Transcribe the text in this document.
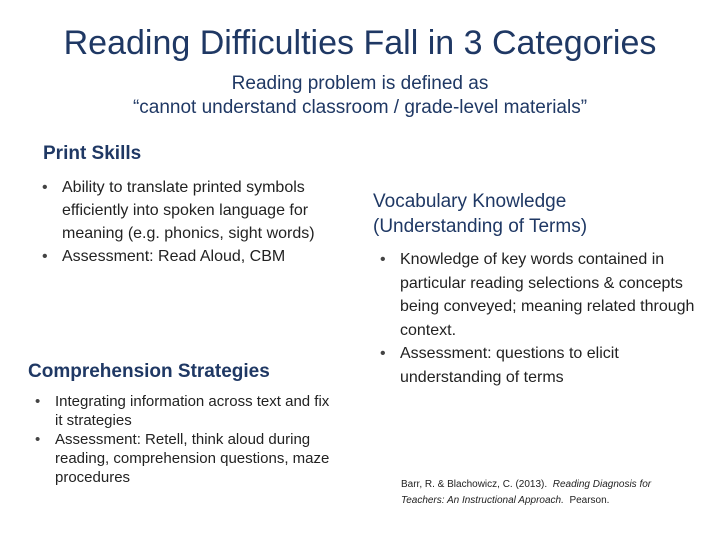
Reading Difficulties Fall in 3 Categories
Reading problem is defined as
“cannot understand classroom / grade-level materials”
Print Skills
• Ability to translate printed symbols efficiently into spoken language for meaning (e.g. phonics, sight words)
• Assessment: Read Aloud, CBM
Comprehension Strategies
• Integrating information across text and fix it strategies
• Assessment: Retell, think aloud during reading, comprehension questions, maze procedures
Vocabulary Knowledge
(Understanding of Terms)
• Knowledge of key words contained in particular reading selections & concepts being conveyed; meaning related through context.
• Assessment: questions to elicit understanding of terms

Barr, R. & Blachowicz, C. (2013). Reading Diagnosis for
Teachers: An Instructional Approach. Pearson.
